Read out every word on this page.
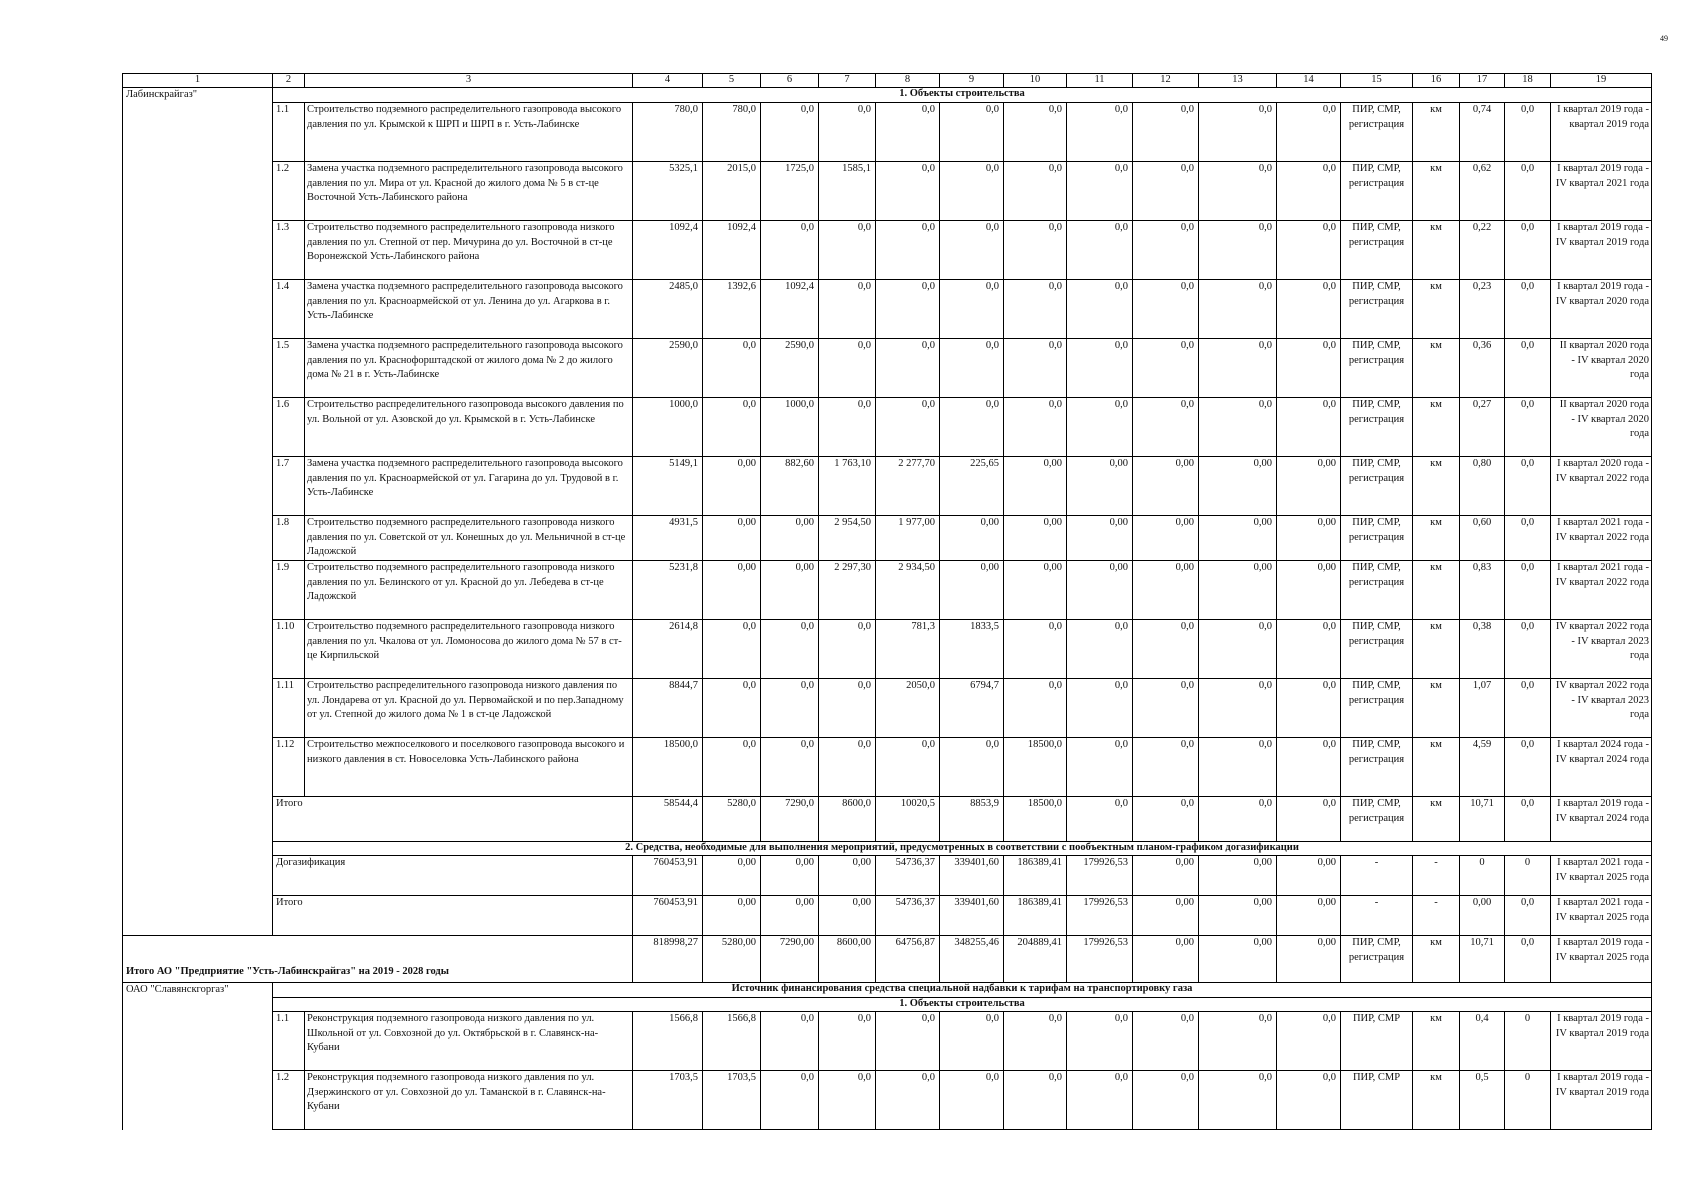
49
1	2	3	4	5	6	7	8	9	10	11	12	13	14	15	16	17	18	19
Лабинскрайгаз"	1. Объекты строительства																	
	1.1	Строительство подземного распределительного газопровода высокого давления по ул. Крымской к ШРП и ШРП в г. Усть-Лабинске	780,0	780,0	0,0	0,0	0,0	0,0	0,0	0,0	0,0	0,0	0,0	ПИР, СМР, регистрация	км	0,74	0,0	I квартал 2019 года - квартал 2019 года
	1.2	Замена участка подземного распределительного газопровода высокого давления по ул. Мира от ул. Красной до жилого дома № 5 в ст-це Восточной Усть-Лабинского района	5325,1	2015,0	1725,0	1585,1	0,0	0,0	0,0	0,0	0,0	0,0	0,0	ПИР, СМР, регистрация	км	0,62	0,0	I квартал 2019 года - IV квартал 2021 года
	1.3	Строительство подземного распределительного газопровода низкого давления по ул. Степной от пер. Мичурина до ул. Восточной в ст-це Воронежской Усть-Лабинского района	1092,4	1092,4	0,0	0,0	0,0	0,0	0,0	0,0	0,0	0,0	0,0	ПИР, СМР, регистрация	км	0,22	0,0	I квартал 2019 года - IV квартал 2019 года
	1.4	Замена участка подземного распределительного газопровода высокого давления по ул. Красноармейской от ул. Ленина до ул. Агаркова в г. Усть-Лабинске	2485,0	1392,6	1092,4	0,0	0,0	0,0	0,0	0,0	0,0	0,0	0,0	ПИР, СМР, регистрация	км	0,23	0,0	I квартал 2019 года - IV квартал 2020 года
	1.5	Замена участка подземного распределительного газопровода высокого давления по ул. Краснофорштадской от жилого дома № 2 до жилого дома № 21 в г. Усть-Лабинске	2590,0	0,0	2590,0	0,0	0,0	0,0	0,0	0,0	0,0	0,0	0,0	ПИР, СМР, регистрация	км	0,36	0,0	II квартал 2020 года - IV квартал 2020 года
	1.6	Строительство распределительного газопровода высокого давления по ул. Вольной от ул. Азовской до ул. Крымской в г. Усть-Лабинске	1000,0	0,0	1000,0	0,0	0,0	0,0	0,0	0,0	0,0	0,0	0,0	ПИР, СМР, регистрация	км	0,27	0,0	II квартал 2020 года - IV квартал 2020 года
	1.7	Замена участка подземного распределительного газопровода высокого давления по ул. Красноармейской от ул. Гагарина до ул. Трудовой в г. Усть-Лабинске	5149,1	0,00	882,60	1 763,10	2 277,70	225,65	0,00	0,00	0,00	0,00	0,00	ПИР, СМР, регистрация	км	0,80	0,0	I квартал 2020 года - IV квартал 2022 года
	1.8	Строительство подземного распределительного газопровода низкого давления по ул. Советской от ул. Конешных до ул. Мельничной в ст-це Ладожской	4931,5	0,00	0,00	2 954,50	1 977,00	0,00	0,00	0,00	0,00	0,00	0,00	ПИР, СМР, регистрация	км	0,60	0,0	I квартал 2021 года - IV квартал 2022 года
	1.9	Строительство подземного распределительного газопровода низкого давления по ул. Белинского от ул. Красной до ул. Лебедева в ст-це Ладожской	5231,8	0,00	0,00	2 297,30	2 934,50	0,00	0,00	0,00	0,00	0,00	0,00	ПИР, СМР, регистрация	км	0,83	0,0	I квартал 2021 года - IV квартал 2022 года
	1.10	Строительство подземного распределительного газопровода низкого давления по ул. Чкалова от ул. Ломоносова до жилого дома № 57 в ст-це Кирпильской	2614,8	0,0	0,0	0,0	781,3	1833,5	0,0	0,0	0,0	0,0	0,0	ПИР, СМР, регистрация	км	0,38	0,0	IV квартал 2022 года - IV квартал 2023 года
	1.11	Строительство распределительного газопровода низкого давления по ул. Лондарева от ул. Красной до ул. Первомайской и по пер.Западному от ул. Степной до жилого дома № 1 в ст-це Ладожской	8844,7	0,0	0,0	0,0	2050,0	6794,7	0,0	0,0	0,0	0,0	0,0	ПИР, СМР, регистрация	км	1,07	0,0	IV квартал 2022 года - IV квартал 2023 года
	1.12	Строительство межпоселкового и поселкового газопровода высокого и низкого давления в ст. Новоселовка Усть-Лабинского района	18500,0	0,0	0,0	0,0	0,0	0,0	18500,0	0,0	0,0	0,0	0,0	ПИР, СМР, регистрация	км	4,59	0,0	I квартал 2024 года - IV квартал 2024 года
	Итого		58544,4	5280,0	7290,0	8600,0	10020,5	8853,9	18500,0	0,0	0,0	0,0	0,0	ПИР, СМР, регистрация	км	10,71	0,0	I квартал 2019 года - IV квартал 2024 года
	2. Средства, необходимые для выполнения мероприятий, предусмотренных в соответствии с пообъектным планом-графиком догазификации																	
	Догазификация		760453,91	0,00	0,00	0,00	54736,37	339401,60	186389,41	179926,53	0,00	0,00	0,00	-	-	0	0	I квартал 2021 года - IV квартал 2025 года
	Итого		760453,91	0,00	0,00	0,00	54736,37	339401,60	186389,41	179926,53	0,00	0,00	0,00	-	-	0,00	0,0	I квартал 2021 года - IV квартал 2025 года
Итого АО "Предприятие "Усть-Лабинскрайгаз" на 2019 - 2028 годы			818998,27	5280,00	7290,00	8600,00	64756,87	348255,46	204889,41	179926,53	0,00	0,00	0,00	ПИР, СМР, регистрация	км	10,71	0,0	I квартал 2019 года - IV квартал 2025 года
ОАО "Славянскгоргаз"	Источник финансирования средства специальной надбавки к тарифам на транспортировку газа																	
	1. Объекты строительства																	
	1.1	Реконструкция подземного газопровода низкого давления по ул. Школьной от ул. Совхозной до ул. Октябрьской в г. Славянск-на-Кубани	1566,8	1566,8	0,0	0,0	0,0	0,0	0,0	0,0	0,0	0,0	0,0	ПИР, СМР	км	0,4	0	I квартал 2019 года - IV квартал 2019 года
	1.2	Реконструкция подземного газопровода низкого давления по ул. Дзержинского от ул. Совхозной до ул. Таманской в г. Славянск-на-Кубани	1703,5	1703,5	0,0	0,0	0,0	0,0	0,0	0,0	0,0	0,0	0,0	ПИР, СМР	км	0,5	0	I квартал 2019 года - IV квартал 2019 года
